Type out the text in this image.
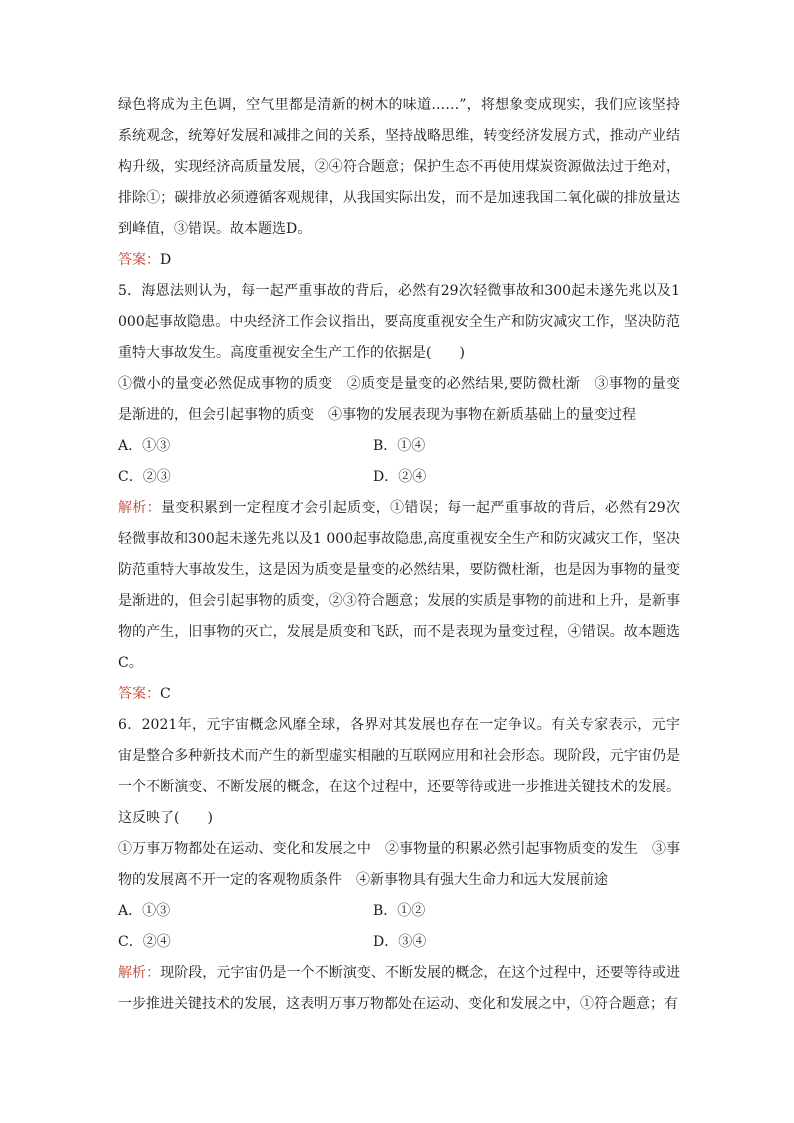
绿色将成为主色调，空气里都是清新的树木的味道……”，将想象变成现实，我们应该坚持系统观念，统筹好发展和减排之间的关系，坚持战略思维，转变经济发展方式，推动产业结构升级，实现经济高质量发展，②④符合题意；保护生态不再使用煤炭资源做法过于绝对，排除①；碳排放必须遵循客观规律，从我国实际出发，而不是加速我国二氧化碳的排放量达到峰值，③错误。故本题选D。

答案：D

5．海恩法则认为，每一起严重事故的背后，必然有29次轻微事故和300起未遂先兆以及1 000起事故隐患。中央经济工作会议指出，要高度重视安全生产和防灾减灾工作，坚决防范重特大事故发生。高度重视安全生产工作的依据是(　　)

①微小的量变必然促成事物的质变　②质变是量变的必然结果,要防微杜渐　③事物的量变是渐进的，但会引起事物的质变　④事物的发展表现为事物在新质基础上的量变过程

A．①③	B．①④
C．②③	D．②④

解析：量变积累到一定程度才会引起质变，①错误；每一起严重事故的背后，必然有29次轻微事故和300起未遂先兆以及1 000起事故隐患,高度重视安全生产和防灾减灾工作，坚决防范重特大事故发生，这是因为质变是量变的必然结果，要防微杜渐，也是因为事物的量变是渐进的，但会引起事物的质变，②③符合题意；发展的实质是事物的前进和上升，是新事物的产生，旧事物的灭亡，发展是质变和飞跃，而不是表现为量变过程，④错误。故本题选C。

答案：C

6．2021年，元宇宙概念风靡全球，各界对其发展也存在一定争议。有关专家表示，元宇宙是整合多种新技术而产生的新型虚实相融的互联网应用和社会形态。现阶段，元宇宙仍是一个不断演变、不断发展的概念，在这个过程中，还要等待或进一步推进关键技术的发展。这反映了(　　)

①万事万物都处在运动、变化和发展之中　②事物量的积累必然引起事物质变的发生　③事物的发展离不开一定的客观物质条件　④新事物具有强大生命力和远大发展前途

A．①③	B．①②
C．②④	D．③④

解析：现阶段，元宇宙仍是一个不断演变、不断发展的概念，在这个过程中，还要等待或进一步推进关键技术的发展，这表明万事万物都处在运动、变化和发展之中，①符合题意；有
